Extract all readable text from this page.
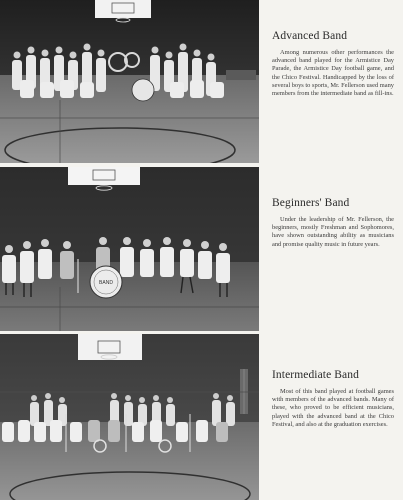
Advanced Band
Among numerous other performances the advanced band played for the Armistice Day Parade, the Armistice Day football game, and the Chico Festival. Handicapped by the loss of several boys to sports, Mr. Fellerson used many members from the intermediate band as fill-ins.
BAND
Beginners' Band
Under the leadership of Mr. Fellerson, the beginners, mostly Freshman and Sophomores, have shown outstanding ability as musicians and promise quality music in future years.
Intermediate Band
Most of this band played at football games with members of the advanced bands. Many of these, who proved to be efficient musicians, played with the advanced band at the Chico Festival, and also at the graduation exercises.
